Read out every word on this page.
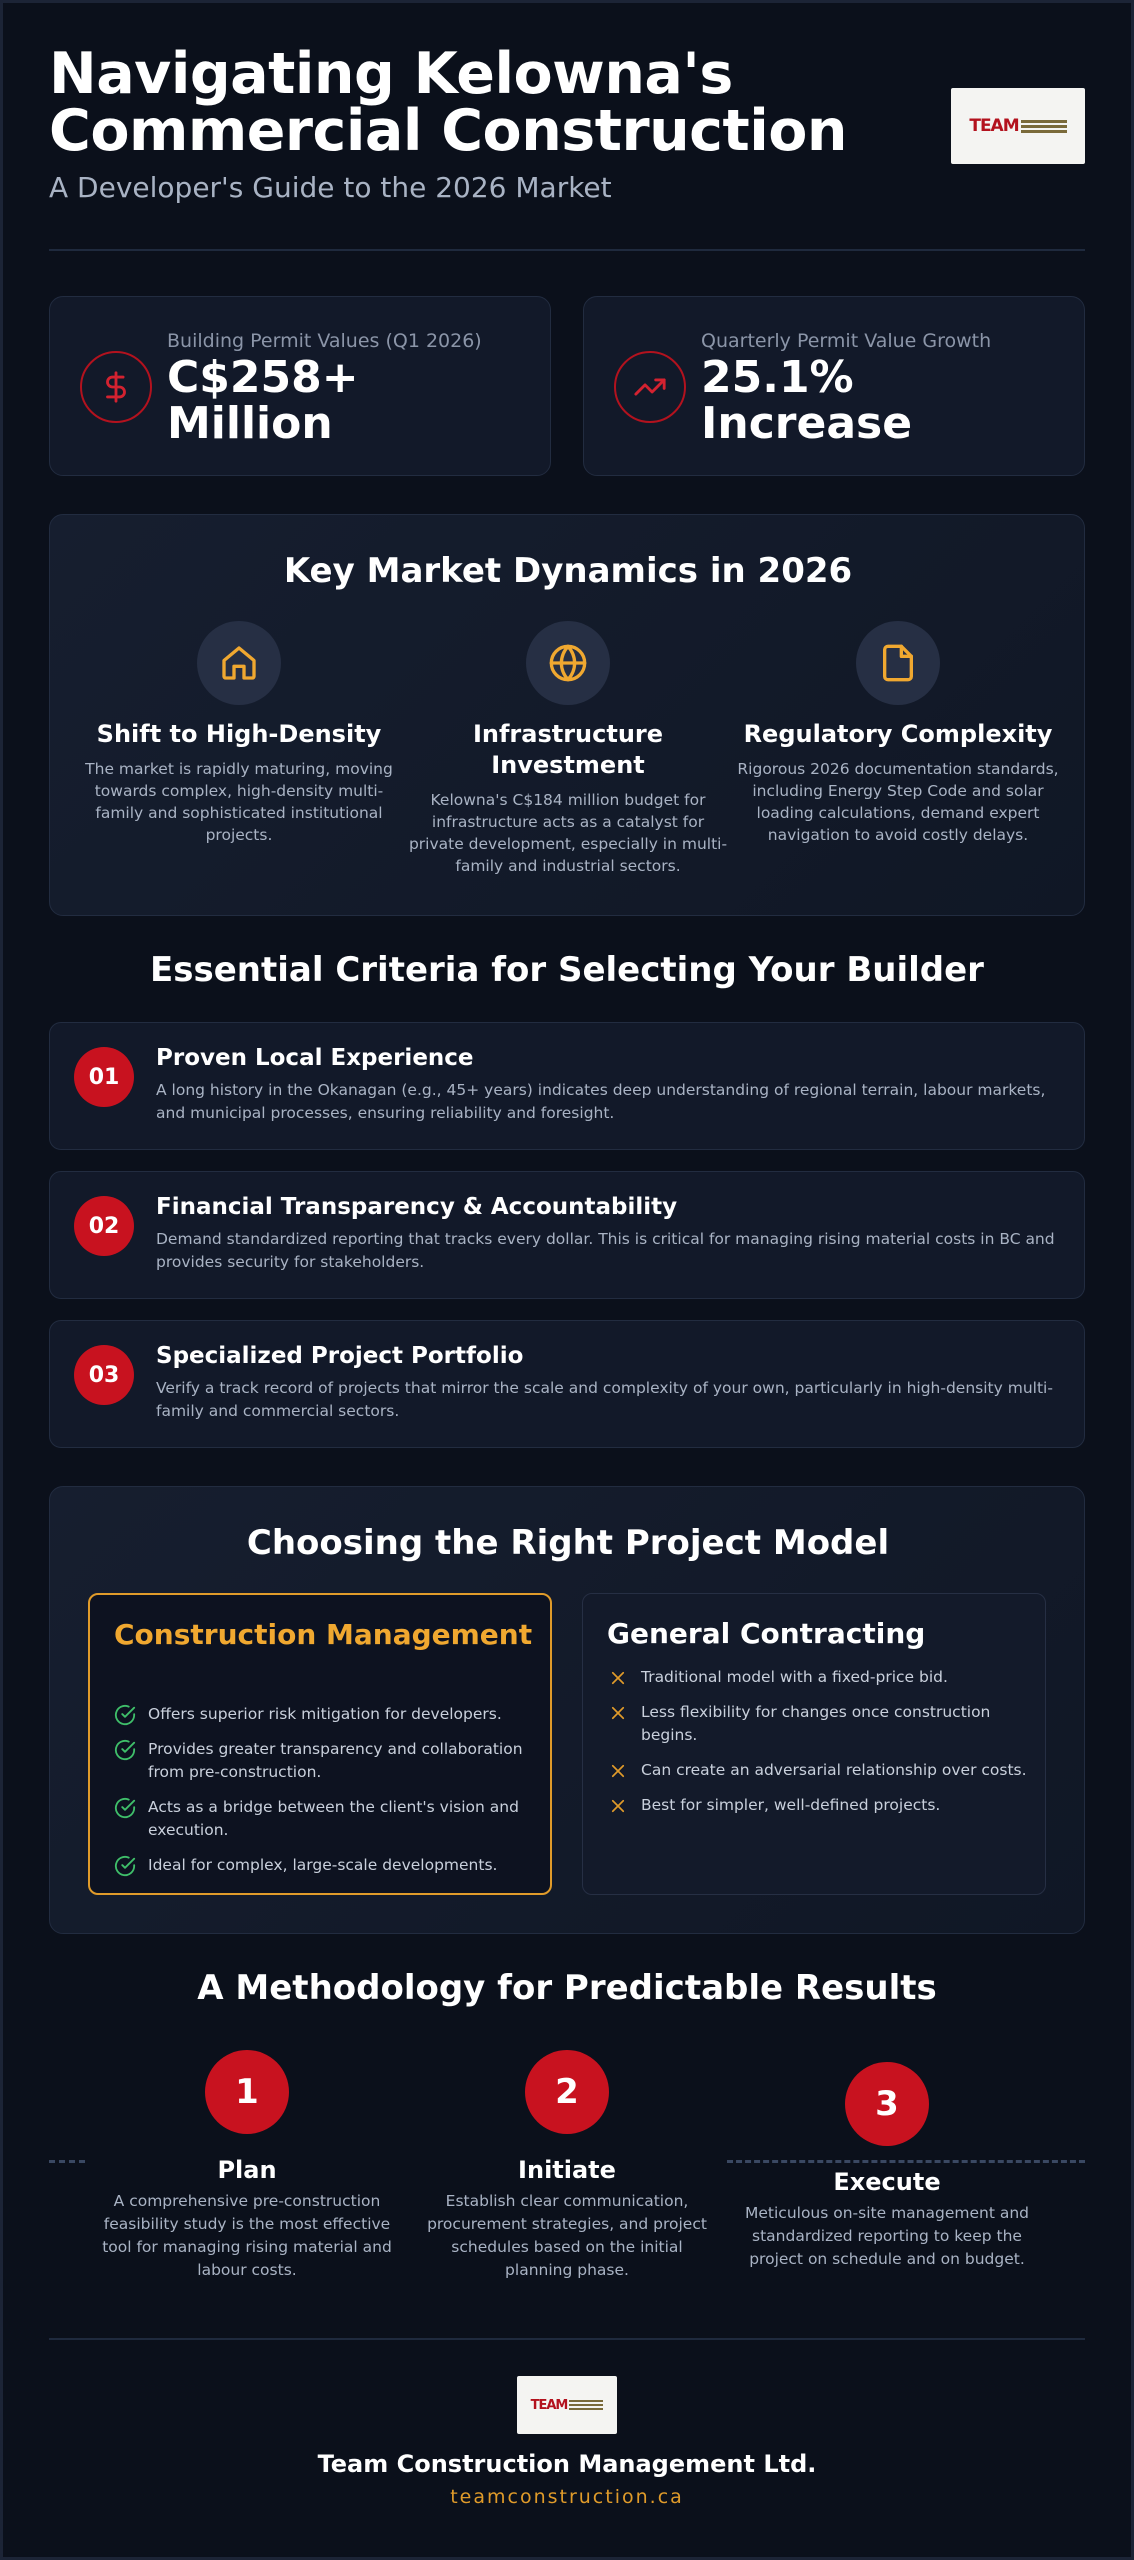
Navigating Kelowna's
Commercial Construction
A Developer's Guide to the 2026 Market
TEAM
Building Permit Values (Q1 2026)
C$258+
Million
Quarterly Permit Value Growth
25.1%
Increase
Key Market Dynamics in 2026
Shift to High-Density
The market is rapidly maturing, moving towards complex, high-density multi-family and sophisticated institutional projects.
Infrastructure Investment
Kelowna's C$184 million budget for infrastructure acts as a catalyst for private development, especially in multi-family and industrial sectors.
Regulatory Complexity
Rigorous 2026 documentation standards, including Energy Step Code and solar loading calculations, demand expert navigation to avoid costly delays.
Essential Criteria for Selecting Your Builder
01
Proven Local Experience
A long history in the Okanagan (e.g., 45+ years) indicates deep understanding of regional terrain, labour markets, and municipal processes, ensuring reliability and foresight.
02
Financial Transparency & Accountability
Demand standardized reporting that tracks every dollar. This is critical for managing rising material costs in BC and provides security for stakeholders.
03
Specialized Project Portfolio
Verify a track record of projects that mirror the scale and complexity of your own, particularly in high-density multi-family and commercial sectors.
Choosing the Right Project Model
Construction Management
Offers superior risk mitigation for developers.
Provides greater transparency and collaboration from pre-construction.
Acts as a bridge between the client's vision and execution.
Ideal for complex, large-scale developments.
General Contracting
Traditional model with a fixed-price bid.
Less flexibility for changes once construction begins.
Can create an adversarial relationship over costs.
Best for simpler, well-defined projects.
A Methodology for Predictable Results
1
Plan
A comprehensive pre-construction feasibility study is the most effective tool for managing rising material and labour costs.
2
Initiate
Establish clear communication, procurement strategies, and project schedules based on the initial planning phase.
3
Execute
Meticulous on-site management and standardized reporting to keep the project on schedule and on budget.
TEAM
Team Construction Management Ltd.
teamconstruction.ca
